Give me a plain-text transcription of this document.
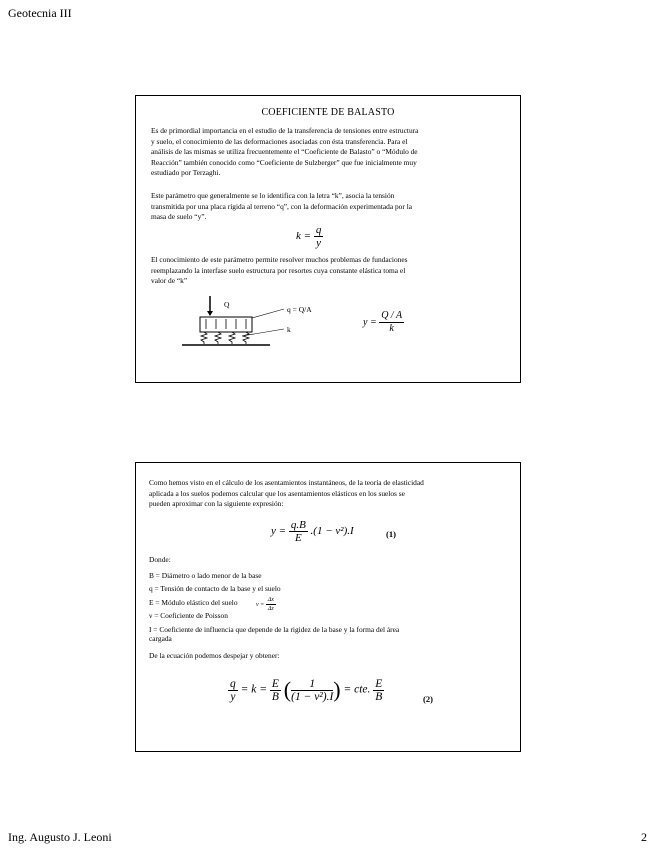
Geotecnia III
COEFICIENTE DE BALASTO
Es de primordial importancia en el estudio de la transferencia de tensiones entre estructura
y suelo, el conocimiento de las deformaciones asociadas con ésta transferencia. Para el
análisis de las mismas se utiliza frecuentemente el “Coeficiente de Balasto” o “Módulo de
Reacción” también conocido como “Coeficiente de Sulzberger” que fue inicialmente muy
estudiado por Terzaghi.
Este parámetro que generalmente se lo identifica con la letra “k”, asocia la tensión
transmitida por una placa rígida al terreno “q”, con la deformación experimentada por la
masa de suelo “y”.
$k = \frac{q}{y}$
El conocimiento de este parámetro permite resolver muchos problemas de fundaciones
reemplazando la interfase suelo estructura por resortes cuya constante elástica toma el
valor de “k”
Q
q = Q/A
k
$y = \frac{Q / A}{k}$
Como hemos visto en el cálculo de los asentamientos instantáneos, de la teoría de elasticidad
aplicada a los suelos podemos calcular que los asentamientos elásticos en los suelos se
pueden aproximar con la siguiente expresión:
$y = \frac{q.B}{E} .(1 - \nu^2).I$	(1)
Donde:
B = Diámetro o lado menor de la base
q = Tensión de contacto de la base y el suelo
E = Módulo elástico del suelo
ν = Coeficiente de Poisson
I = Coeficiente de influencia que depende de la rigidez de la base y la forma del área
cargada
$\nu = \frac{\Delta x}{\Delta z}$
De la ecuación podemos despejar y obtener:
$\frac{q}{y} = k = \frac{E}{B}$ ( $\frac{1}{\text{(1 − ν²).I}}$ ) = cte. $\frac{E}{B}$	(2)
Ing. Augusto J. Leoni	2
